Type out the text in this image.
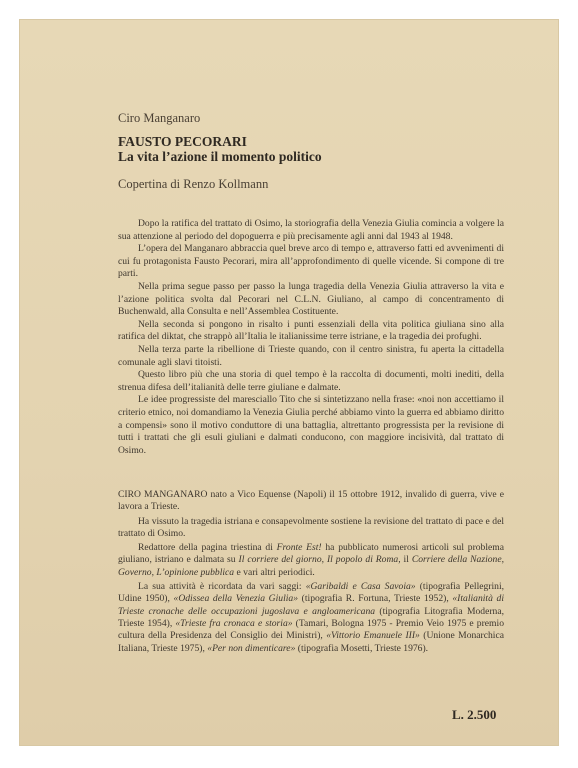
Ciro Manganaro
FAUSTO PECORARI
La vita l’azione il momento politico
Copertina di Renzo Kollmann

Dopo la ratifica del trattato di Osimo, la storiografia della Venezia Giulia comincia a volgere la sua attenzione al periodo del dopoguerra e più precisamente agli anni dal 1943 al 1948.

L’opera del Manganaro abbraccia quel breve arco di tempo e, attraverso fatti ed avvenimenti di cui fu protagonista Fausto Pecorari, mira all’approfondimento di quelle vicende. Si compone di tre parti.

Nella prima segue passo per passo la lunga tragedia della Venezia Giulia attraverso la vita e l’azione politica svolta dal Pecorari nel C.L.N. Giuliano, al campo di concentramento di Buchenwald, alla Consulta e nell’Assemblea Costituente.

Nella seconda si pongono in risalto i punti essenziali della vita politica giuliana sino alla ratifica del diktat, che strappò all’Italia le italianissime terre istriane, e la tragedia dei profughi.

Nella terza parte la ribellione di Trieste quando, con il centro sinistra, fu aperta la cittadella comunale agli slavi titoisti.

Questo libro più che una storia di quel tempo è la raccolta di documenti, molti inediti, della strenua difesa dell’italianità delle terre giuliane e dalmate.

Le idee progressiste del maresciallo Tito che si sintetizzano nella frase: «noi non accettiamo il criterio etnico, noi domandiamo la Venezia Giulia perché abbiamo vinto la guerra ed abbiamo diritto a compensi» sono il motivo conduttore di una battaglia, altrettanto progressista per la revisione di tutti i trattati che gli esuli giuliani e dalmati conducono, con maggiore incisività, dal trattato di Osimo.

CIRO MANGANARO nato a Vico Equense (Napoli) il 15 ottobre 1912, invalido di guerra, vive e lavora a Trieste.

Ha vissuto la tragedia istriana e consapevolmente sostiene la revisione del trattato di pace e del trattato di Osimo.

Redattore della pagina triestina di Fronte Est! ha pubblicato numerosi articoli sul problema giuliano, istriano e dalmata su Il corriere del giorno, Il popolo di Roma, il Corriere della Nazione, Governo, L’opinione pubblica e vari altri periodici.

La sua attività è ricordata da vari saggi: «Garibaldi e Casa Savoia» (tipografia Pellegrini, Udine 1950), «Odissea della Venezia Giulia» (tipografia R. Fortuna, Trieste 1952), «Italianità di Trieste cronache delle occupazioni jugoslava e angloamericana (tipografia Litografia Moderna, Trieste 1954), «Trieste fra cronaca e storia» (Tamari, Bologna 1975 - Premio Veio 1975 e premio cultura della Presidenza del Consiglio dei Ministri), «Vittorio Emanuele III» (Unione Monarchica Italiana, Trieste 1975), «Per non dimenticare» (tipografia Mosetti, Trieste 1976).

L. 2.500
